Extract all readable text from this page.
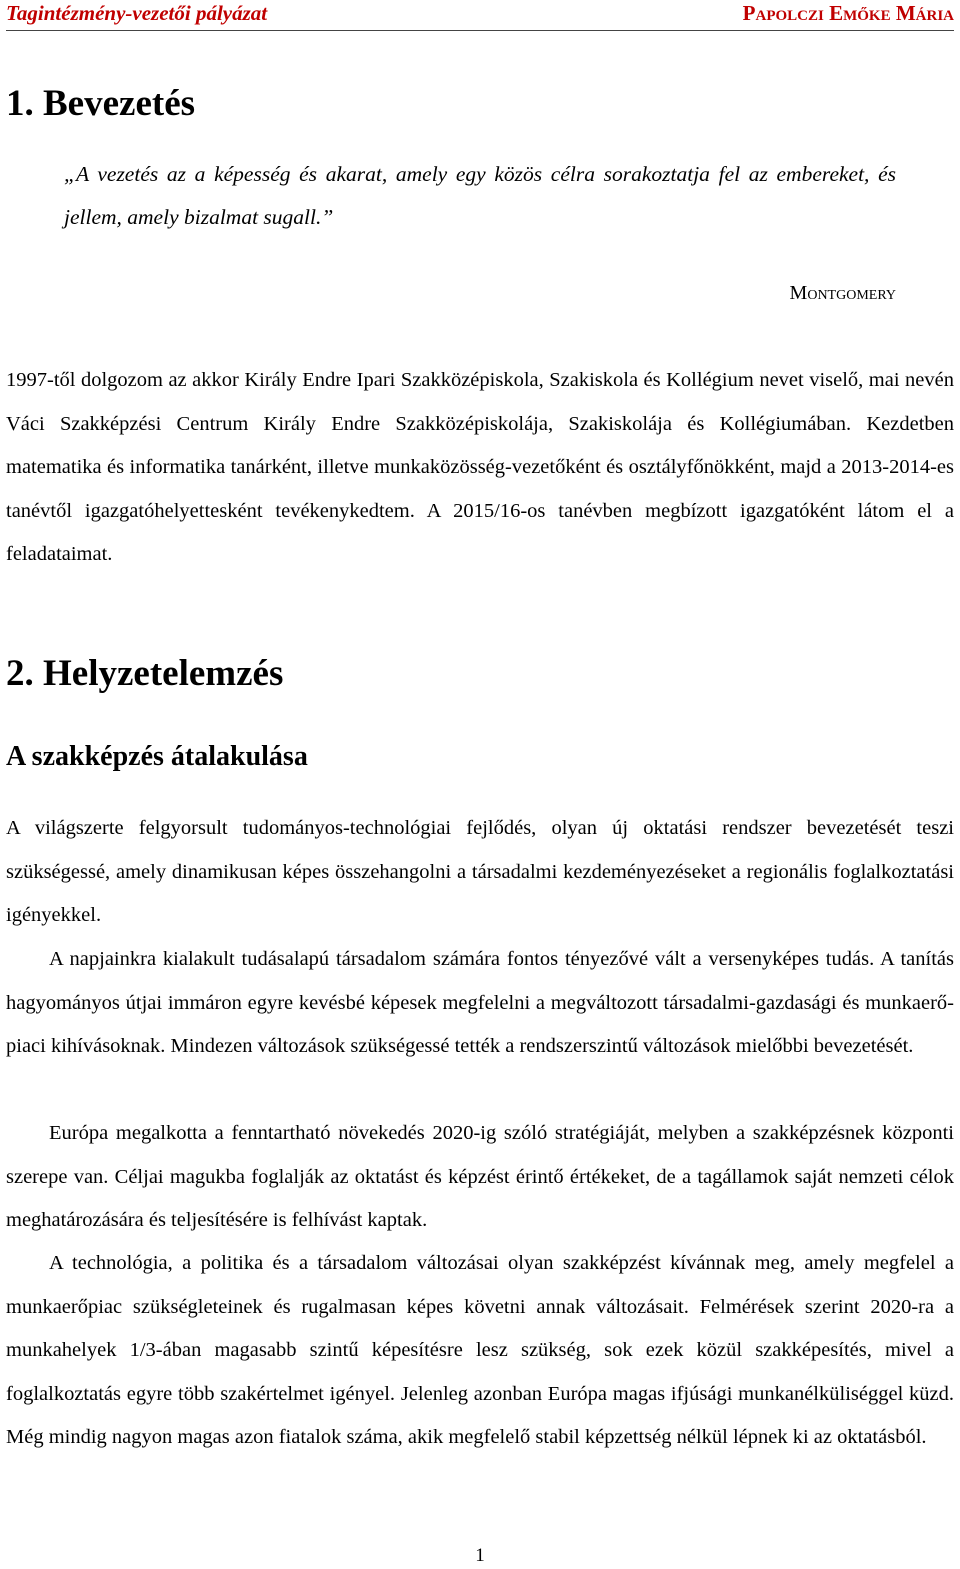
Tagintézmény-vezetői pályázat	Papolczi Emőke Mária
1. Bevezetés

„A vezetés az a képesség és akarat, amely egy közös célra sorakoztatja fel az embereket, és jellem, amely bizalmat sugall.”

Montgomery

1997-től dolgozom az akkor Király Endre Ipari Szakközépiskola, Szakiskola és Kollégium nevet viselő, mai nevén Váci Szakképzési Centrum Király Endre Szakközépiskolája, Szakiskolája és Kollégiumában. Kezdetben matematika és informatika tanárként, illetve munkaközösség-vezetőként és osztályfőnökként, majd a 2013-2014-es tanévtől igazgatóhelyettesként tevékenykedtem. A 2015/16-os tanévben megbízott igazgatóként látom el a feladataimat.

2. Helyzetelemzés
A szakképzés átalakulása

A világszerte felgyorsult tudományos-technológiai fejlődés, olyan új oktatási rendszer bevezetését teszi szükségessé, amely dinamikusan képes összehangolni a társadalmi kezdeményezéseket a regionális foglalkoztatási igényekkel.

A napjainkra kialakult tudásalapú társadalom számára fontos tényezővé vált a versenyképes tudás. A tanítás hagyományos útjai immáron egyre kevésbé képesek megfelelni a megváltozott társadalmi-gazdasági és munkaerő-piaci kihívásoknak. Mindezen változások szükségessé tették a rendszerszintű változások mielőbbi bevezetését.

Európa megalkotta a fenntartható növekedés 2020-ig szóló stratégiáját, melyben a szakképzésnek központi szerepe van. Céljai magukba foglalják az oktatást és képzést érintő értékeket, de a tagállamok saját nemzeti célok meghatározására és teljesítésére is felhívást kaptak.

A technológia, a politika és a társadalom változásai olyan szakképzést kívánnak meg, amely megfelel a munkaerőpiac szükségleteinek és rugalmasan képes követni annak változásait. Felmérések szerint 2020-ra a munkahelyek 1/3-ában magasabb szintű képesítésre lesz szükség, sok ezek közül szakképesítés, mivel a foglalkoztatás egyre több szakértelmet igényel. Jelenleg azonban Európa magas ifjúsági munkanélküliséggel küzd. Még mindig nagyon magas azon fiatalok száma, akik megfelelő stabil képzettség nélkül lépnek ki az oktatásból.

1
